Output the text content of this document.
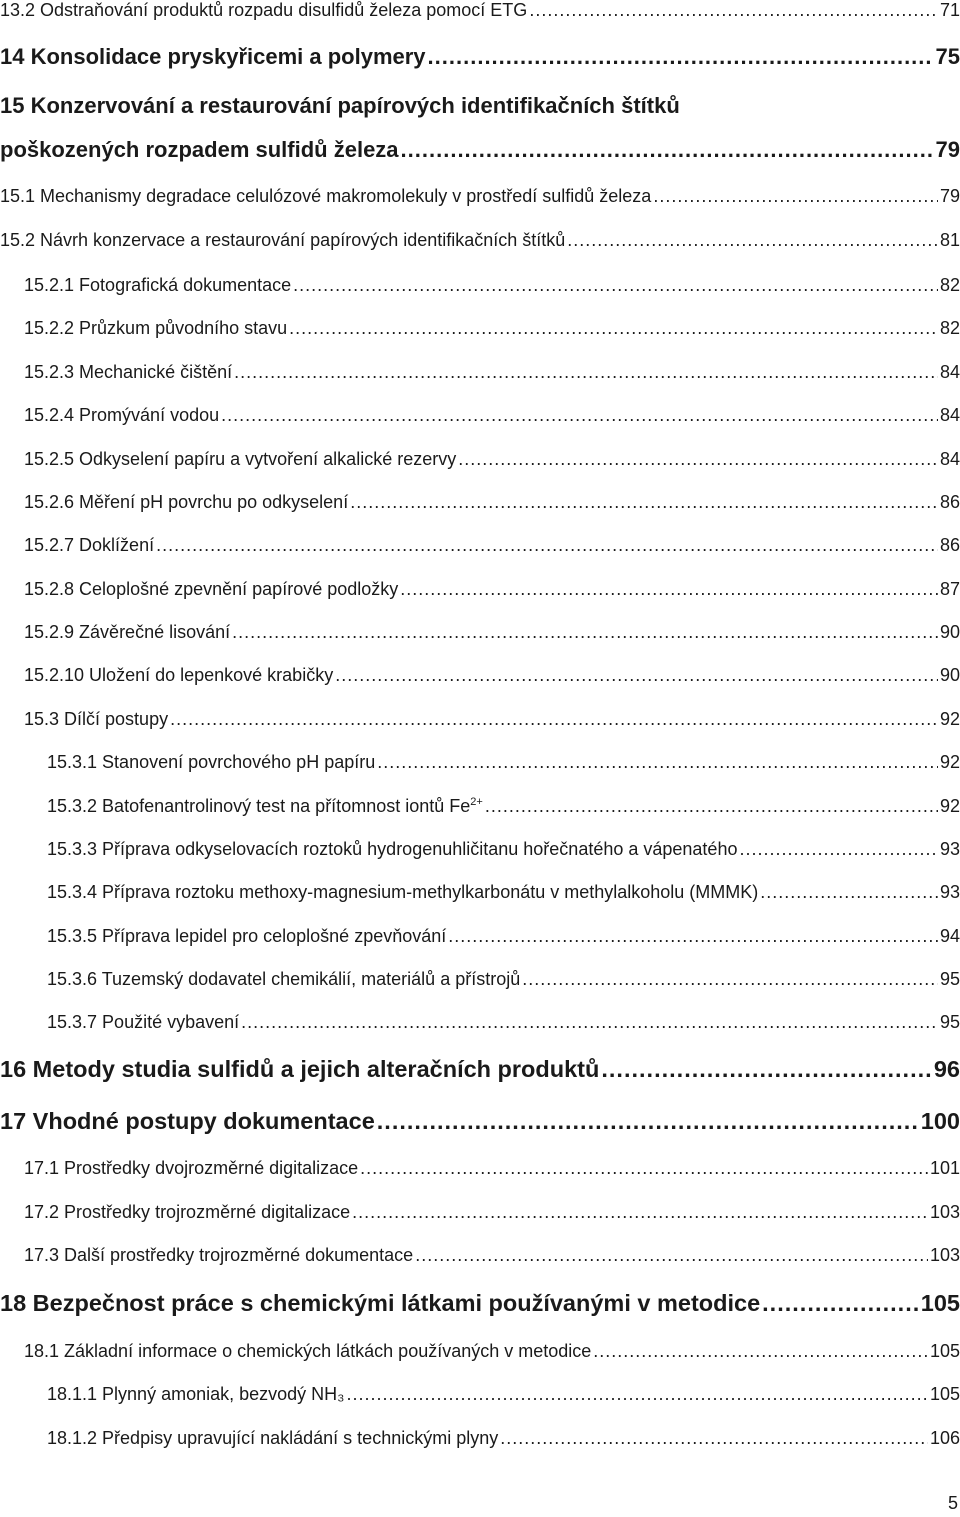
13.2 Odstraňování produktů rozpadu disulfidů železa pomocí ETG .....	71
14 Konsolidace pryskyřicemi a polymery .....	75
15 Konzervování a restaurování papírových identifikačních štítků
poškozených rozpadem sulfidů železa .....	79
15.1 Mechanismy degradace celulózové makromolekuly v prostředí sulfidů železa .....	79
15.2 Návrh konzervace a restaurování papírových identifikačních štítků .....	81
15.2.1 Fotografická dokumentace .....	82
15.2.2 Průzkum původního stavu .....	82
15.2.3 Mechanické čištění .....	84
15.2.4 Promývání vodou .....	84
15.2.5 Odkyselení papíru a vytvoření alkalické rezervy .....	84
15.2.6 Měření pH povrchu po odkyselení .....	86
15.2.7 Doklížení .....	86
15.2.8 Celoplošné zpevnění papírové podložky .....	87
15.2.9 Závěrečné lisování .....	90
15.2.10 Uložení do lepenkové krabičky .....	90
15.3 Dílčí postupy .....	92
15.3.1 Stanovení povrchového pH papíru .....	92
15.3.2 Batofenantrolinový test na přítomnost iontů $Fe^{2+}$ .....	92
15.3.3 Příprava odkyselovacích roztoků hydrogenuhličitanu hořečnatého a vápenatého .....	93
15.3.4 Příprava roztoku methoxy-magnesium-methylkarbonátu v methylalkoholu (MMMK) .....	93
15.3.5 Příprava lepidel pro celoplošné zpevňování .....	94
15.3.6 Tuzemský dodavatel chemikálií, materiálů a přístrojů .....	95
15.3.7 Použité vybavení .....	95
16 Metody studia sulfidů a jejich alteračních produktů .....	96
17 Vhodné postupy dokumentace .....	100
17.1 Prostředky dvojrozměrné digitalizace .....	101
17.2 Prostředky trojrozměrné digitalizace .....	103
17.3 Další prostředky trojrozměrné dokumentace .....	103
18 Bezpečnost práce s chemickými látkami používanými v metodice .....	105
18.1 Základní informace o chemických látkách používaných v metodice .....	105
18.1.1 Plynný amoniak, bezvodý NH₃ .....	105
18.1.2 Předpisy upravující nakládání s technickými plyny .....	106
5
